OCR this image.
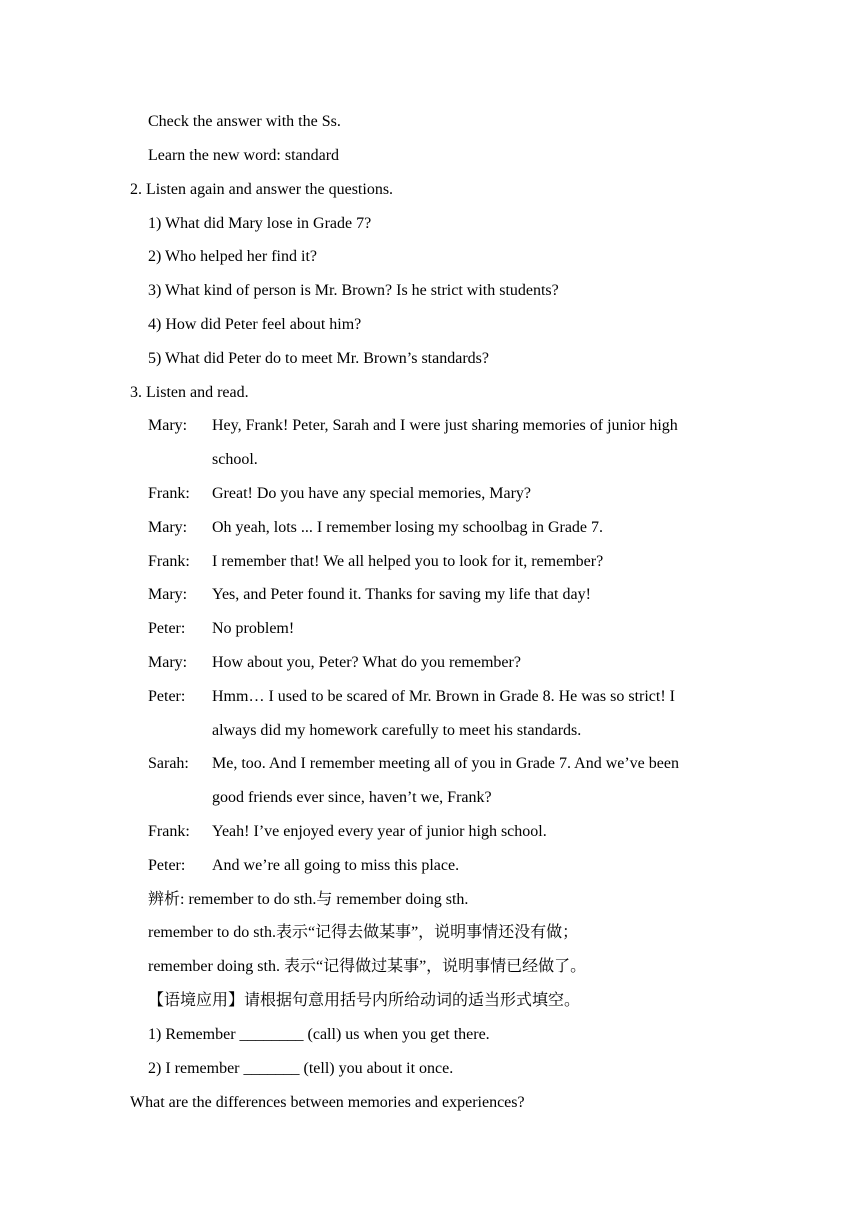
Check the answer with the Ss.
Learn the new word: standard
2. Listen again and answer the questions.
1) What did Mary lose in Grade 7?
2) Who helped her find it?
3) What kind of person is Mr. Brown? Is he strict with students?
4) How did Peter feel about him?
5) What did Peter do to meet Mr. Brown’s standards?
3. Listen and read.
Mary: Hey, Frank! Peter, Sarah and I were just sharing memories of junior high
school.
Frank: Great! Do you have any special memories, Mary?
Mary: Oh yeah, lots ... I remember losing my schoolbag in Grade 7.
Frank: I remember that! We all helped you to look for it, remember?
Mary: Yes, and Peter found it. Thanks for saving my life that day!
Peter: No problem!
Mary: How about you, Peter? What do you remember?
Peter: Hmm… I used to be scared of Mr. Brown in Grade 8. He was so strict! I
always did my homework carefully to meet his standards.
Sarah: Me, too. And I remember meeting all of you in Grade 7. And we’ve been
good friends ever since, haven’t we, Frank?
Frank: Yeah! I’ve enjoyed every year of junior high school.
Peter: And we’re all going to miss this place.
辨析: remember to do sth.与 remember doing sth.
remember to do sth.表示“记得去做某事”，说明事情还没有做；
remember doing sth. 表示“记得做过某事”，说明事情已经做了。
【语境应用】请根据句意用括号内所给动词的适当形式填空。
1) Remember ________ (call) us when you get there.
2) I remember _______ (tell) you about it once.
What are the differences between memories and experiences?
